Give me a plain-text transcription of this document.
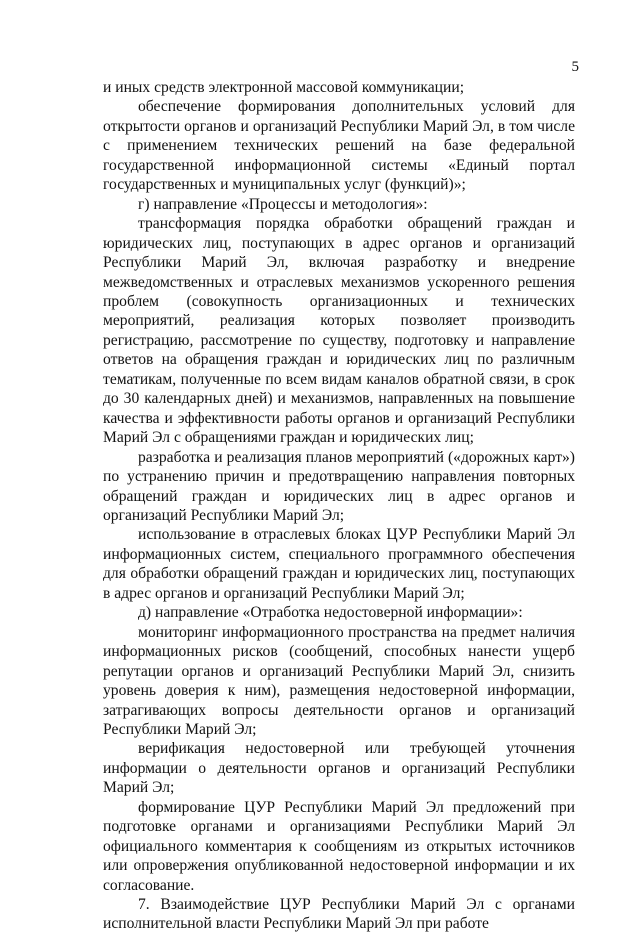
5

и иных средств электронной массовой коммуникации;

обеспечение формирования дополнительных условий для открытости органов и организаций Республики Марий Эл, в том числе с применением технических решений на базе федеральной государственной информационной системы «Единый портал государственных и муниципальных услуг (функций)»;

г) направление «Процессы и методология»:

трансформация порядка обработки обращений граждан и юридических лиц, поступающих в адрес органов и организаций Республики Марий Эл, включая разработку и внедрение межведомственных и отраслевых механизмов ускоренного решения проблем (совокупность организационных и технических мероприятий, реализация которых позволяет производить регистрацию, рассмотрение по существу, подготовку и направление ответов на обращения граждан и юридических лиц по различным тематикам, полученные по всем видам каналов обратной связи, в срок до 30 календарных дней) и механизмов, направленных на повышение качества и эффективности работы органов и организаций Республики Марий Эл с обращениями граждан и юридических лиц;

разработка и реализация планов мероприятий («дорожных карт») по устранению причин и предотвращению направления повторных обращений граждан и юридических лиц в адрес органов и организаций Республики Марий Эл;

использование в отраслевых блоках ЦУР Республики Марий Эл информационных систем, специального программного обеспечения для обработки обращений граждан и юридических лиц, поступающих в адрес органов и организаций Республики Марий Эл;

д) направление «Отработка недостоверной информации»:

мониторинг информационного пространства на предмет наличия информационных рисков (сообщений, способных нанести ущерб репутации органов и организаций Республики Марий Эл, снизить уровень доверия к ним), размещения недостоверной информации, затрагивающих вопросы деятельности органов и организаций Республики Марий Эл;

верификация недостоверной или требующей уточнения информации о деятельности органов и организаций Республики Марий Эл;

формирование ЦУР Республики Марий Эл предложений при подготовке органами и организациями Республики Марий Эл официального комментария к сообщениям из открытых источников или опровержения опубликованной недостоверной информации и их согласование.

7. Взаимодействие ЦУР Республики Марий Эл с органами исполнительной власти Республики Марий Эл при работе
